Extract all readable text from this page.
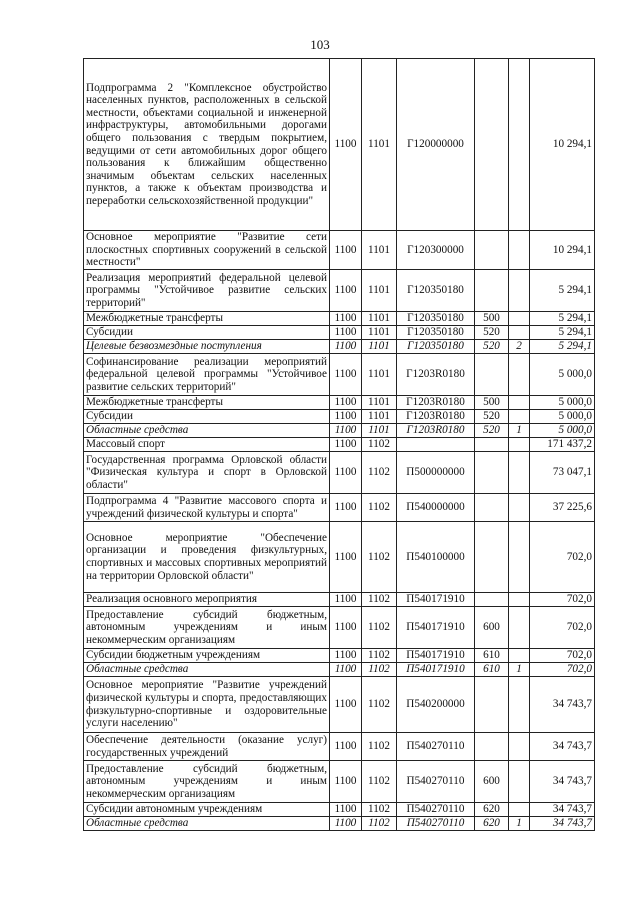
103
Подпрограмма 2 "Комплексное обустройство населенных пунктов, расположенных в сельской местности, объектами социальной и инженерной инфраструктуры, автомобильными дорогами общего пользования с твердым покрытием, ведущими от сети автомобильных дорог общего пользования к ближайшим общественно значимым объектам сельских населенных пунктов, а также к объектам производства и переработки сельскохозяйственной продукции"	1100	1101	Г120000000			10 294,1
Основное мероприятие "Развитие сети плоскостных спортивных сооружений в сельской местности"	1100	1101	Г120300000			10 294,1
Реализация мероприятий федеральной целевой программы "Устойчивое развитие сельских территорий"	1100	1101	Г120350180			5 294,1
Межбюджетные трансферты	1100	1101	Г120350180	500		5 294,1
Субсидии	1100	1101	Г120350180	520		5 294,1
Целевые безвозмездные поступления	1100	1101	Г120350180	520	2	5 294,1
Софинансирование реализации мероприятий федеральной целевой программы "Устойчивое развитие сельских территорий"	1100	1101	Г1203R0180			5 000,0
Межбюджетные трансферты	1100	1101	Г1203R0180	500		5 000,0
Субсидии	1100	1101	Г1203R0180	520		5 000,0
Областные средства	1100	1101	Г1203R0180	520	1	5 000,0
Массовый спорт	1100	1102				171 437,2
Государственная программа Орловской области "Физическая культура и спорт в Орловской области"	1100	1102	П500000000			73 047,1
Подпрограмма 4 "Развитие массового спорта и учреждений физической культуры и спорта"	1100	1102	П540000000			37 225,6
Основное мероприятие "Обеспечение организации и проведения физкультурных, спортивных и массовых спортивных мероприятий на территории Орловской области"	1100	1102	П540100000			702,0
Реализация основного мероприятия	1100	1102	П540171910			702,0
Предоставление субсидий бюджетным, автономным учреждениям и иным некоммерческим организациям	1100	1102	П540171910	600		702,0
Субсидии бюджетным учреждениям	1100	1102	П540171910	610		702,0
Областные средства	1100	1102	П540171910	610	1	702,0
Основное мероприятие "Развитие учреждений физической культуры и спорта, предоставляющих физкультурно-спортивные и оздоровительные услуги населению"	1100	1102	П540200000			34 743,7
Обеспечение деятельности (оказание услуг) государственных учреждений	1100	1102	П540270110			34 743,7
Предоставление субсидий бюджетным, автономным учреждениям и иным некоммерческим организациям	1100	1102	П540270110	600		34 743,7
Субсидии автономным учреждениям	1100	1102	П540270110	620		34 743,7
Областные средства	1100	1102	П540270110	620	1	34 743,7
